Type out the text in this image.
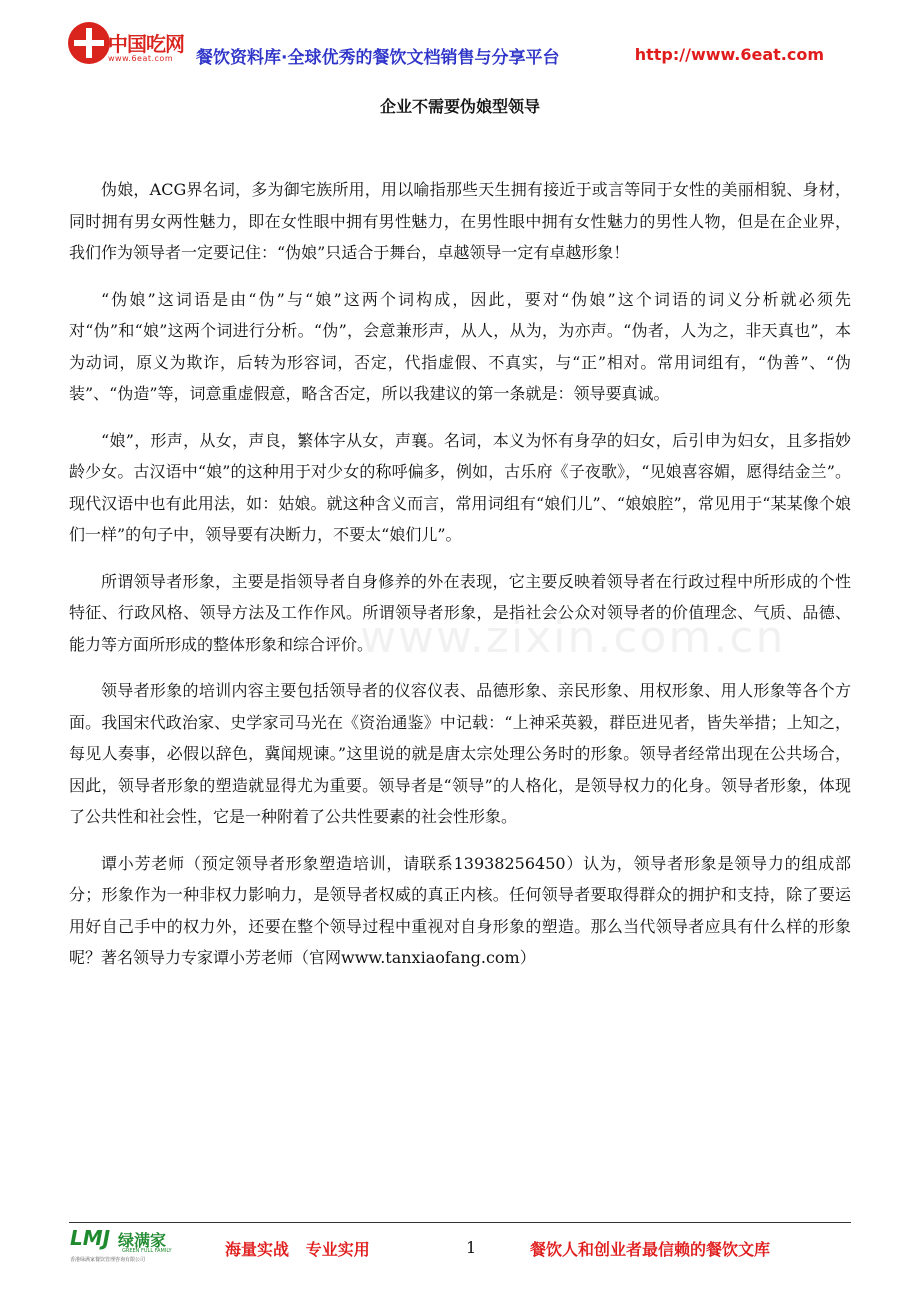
中国吃网
www.6eat.com 餐饮资料库·全球优秀的餐饮文档销售与分享平台	http://www.6eat.com
企业不需要伪娘型领导

伪娘，ACG界名词，多为御宅族所用，用以喻指那些天生拥有接近于或言等同于女性的美丽相貌、身材，同时拥有男女两性魅力，即在女性眼中拥有男性魅力，在男性眼中拥有女性魅力的男性人物，但是在企业界，我们作为领导者一定要记住：“伪娘”只适合于舞台，卓越领导一定有卓越形象！

“伪娘”这词语是由“伪”与“娘”这两个词构成，因此，要对“伪娘”这个词语的词义分析就必须先对“伪”和“娘”这两个词进行分析。“伪”，会意兼形声，从人，从为，为亦声。“伪者，人为之，非天真也”，本为动词，原义为欺诈，后转为形容词，否定，代指虚假、不真实，与“正”相对。常用词组有，“伪善”、“伪装”、“伪造”等，词意重虚假意，略含否定，所以我建议的第一条就是：领导要真诚。

“娘”，形声，从女，声良，繁体字从女，声襄。名词，本义为怀有身孕的妇女，后引申为妇女，且多指妙龄少女。古汉语中“娘”的这种用于对少女的称呼偏多，例如，古乐府《子夜歌》，“见娘喜容媚，愿得结金兰”。现代汉语中也有此用法，如：姑娘。就这种含义而言，常用词组有“娘们儿”、“娘娘腔”，常见用于“某某像个娘们一样”的句子中，领导要有决断力，不要太“娘们儿”。

所谓领导者形象，主要是指领导者自身修养的外在表现，它主要反映着领导者在行政过程中所形成的个性特征、行政风格、领导方法及工作作风。所谓领导者形象，是指社会公众对领导者的价值理念、气质、品德、能力等方面所形成的整体形象和综合评价。

领导者形象的培训内容主要包括领导者的仪容仪表、品德形象、亲民形象、用权形象、用人形象等各个方面。我国宋代政治家、史学家司马光在《资治通鉴》中记载：“上神采英毅，群臣进见者，皆失举措；上知之，每见人奏事，必假以辞色，冀闻规谏。”这里说的就是唐太宗处理公务时的形象。领导者经常出现在公共场合，因此，领导者形象的塑造就显得尤为重要。领导者是“领导”的人格化，是领导权力的化身。领导者形象，体现了公共性和社会性，它是一种附着了公共性要素的社会性形象。

谭小芳老师（预定领导者形象塑造培训，请联系13938256450）认为，领导者形象是领导力的组成部分；形象作为一种非权力影响力，是领导者权威的真正内核。任何领导者要取得群众的拥护和支持，除了要运用好自己手中的权力外，还要在整个领导过程中重视对自身形象的塑造。那么当代领导者应具有什么样的形象呢？著名领导力专家谭小芳老师（官网www.tanxiaofang.com）

www.zixin.com.cn
LMJ 绿满家
GREEN FULL FAMILY
香港绿满家餐饮管理咨询有限公司
海量实战   专业实用	1	餐饮人和创业者最信赖的餐饮文库
